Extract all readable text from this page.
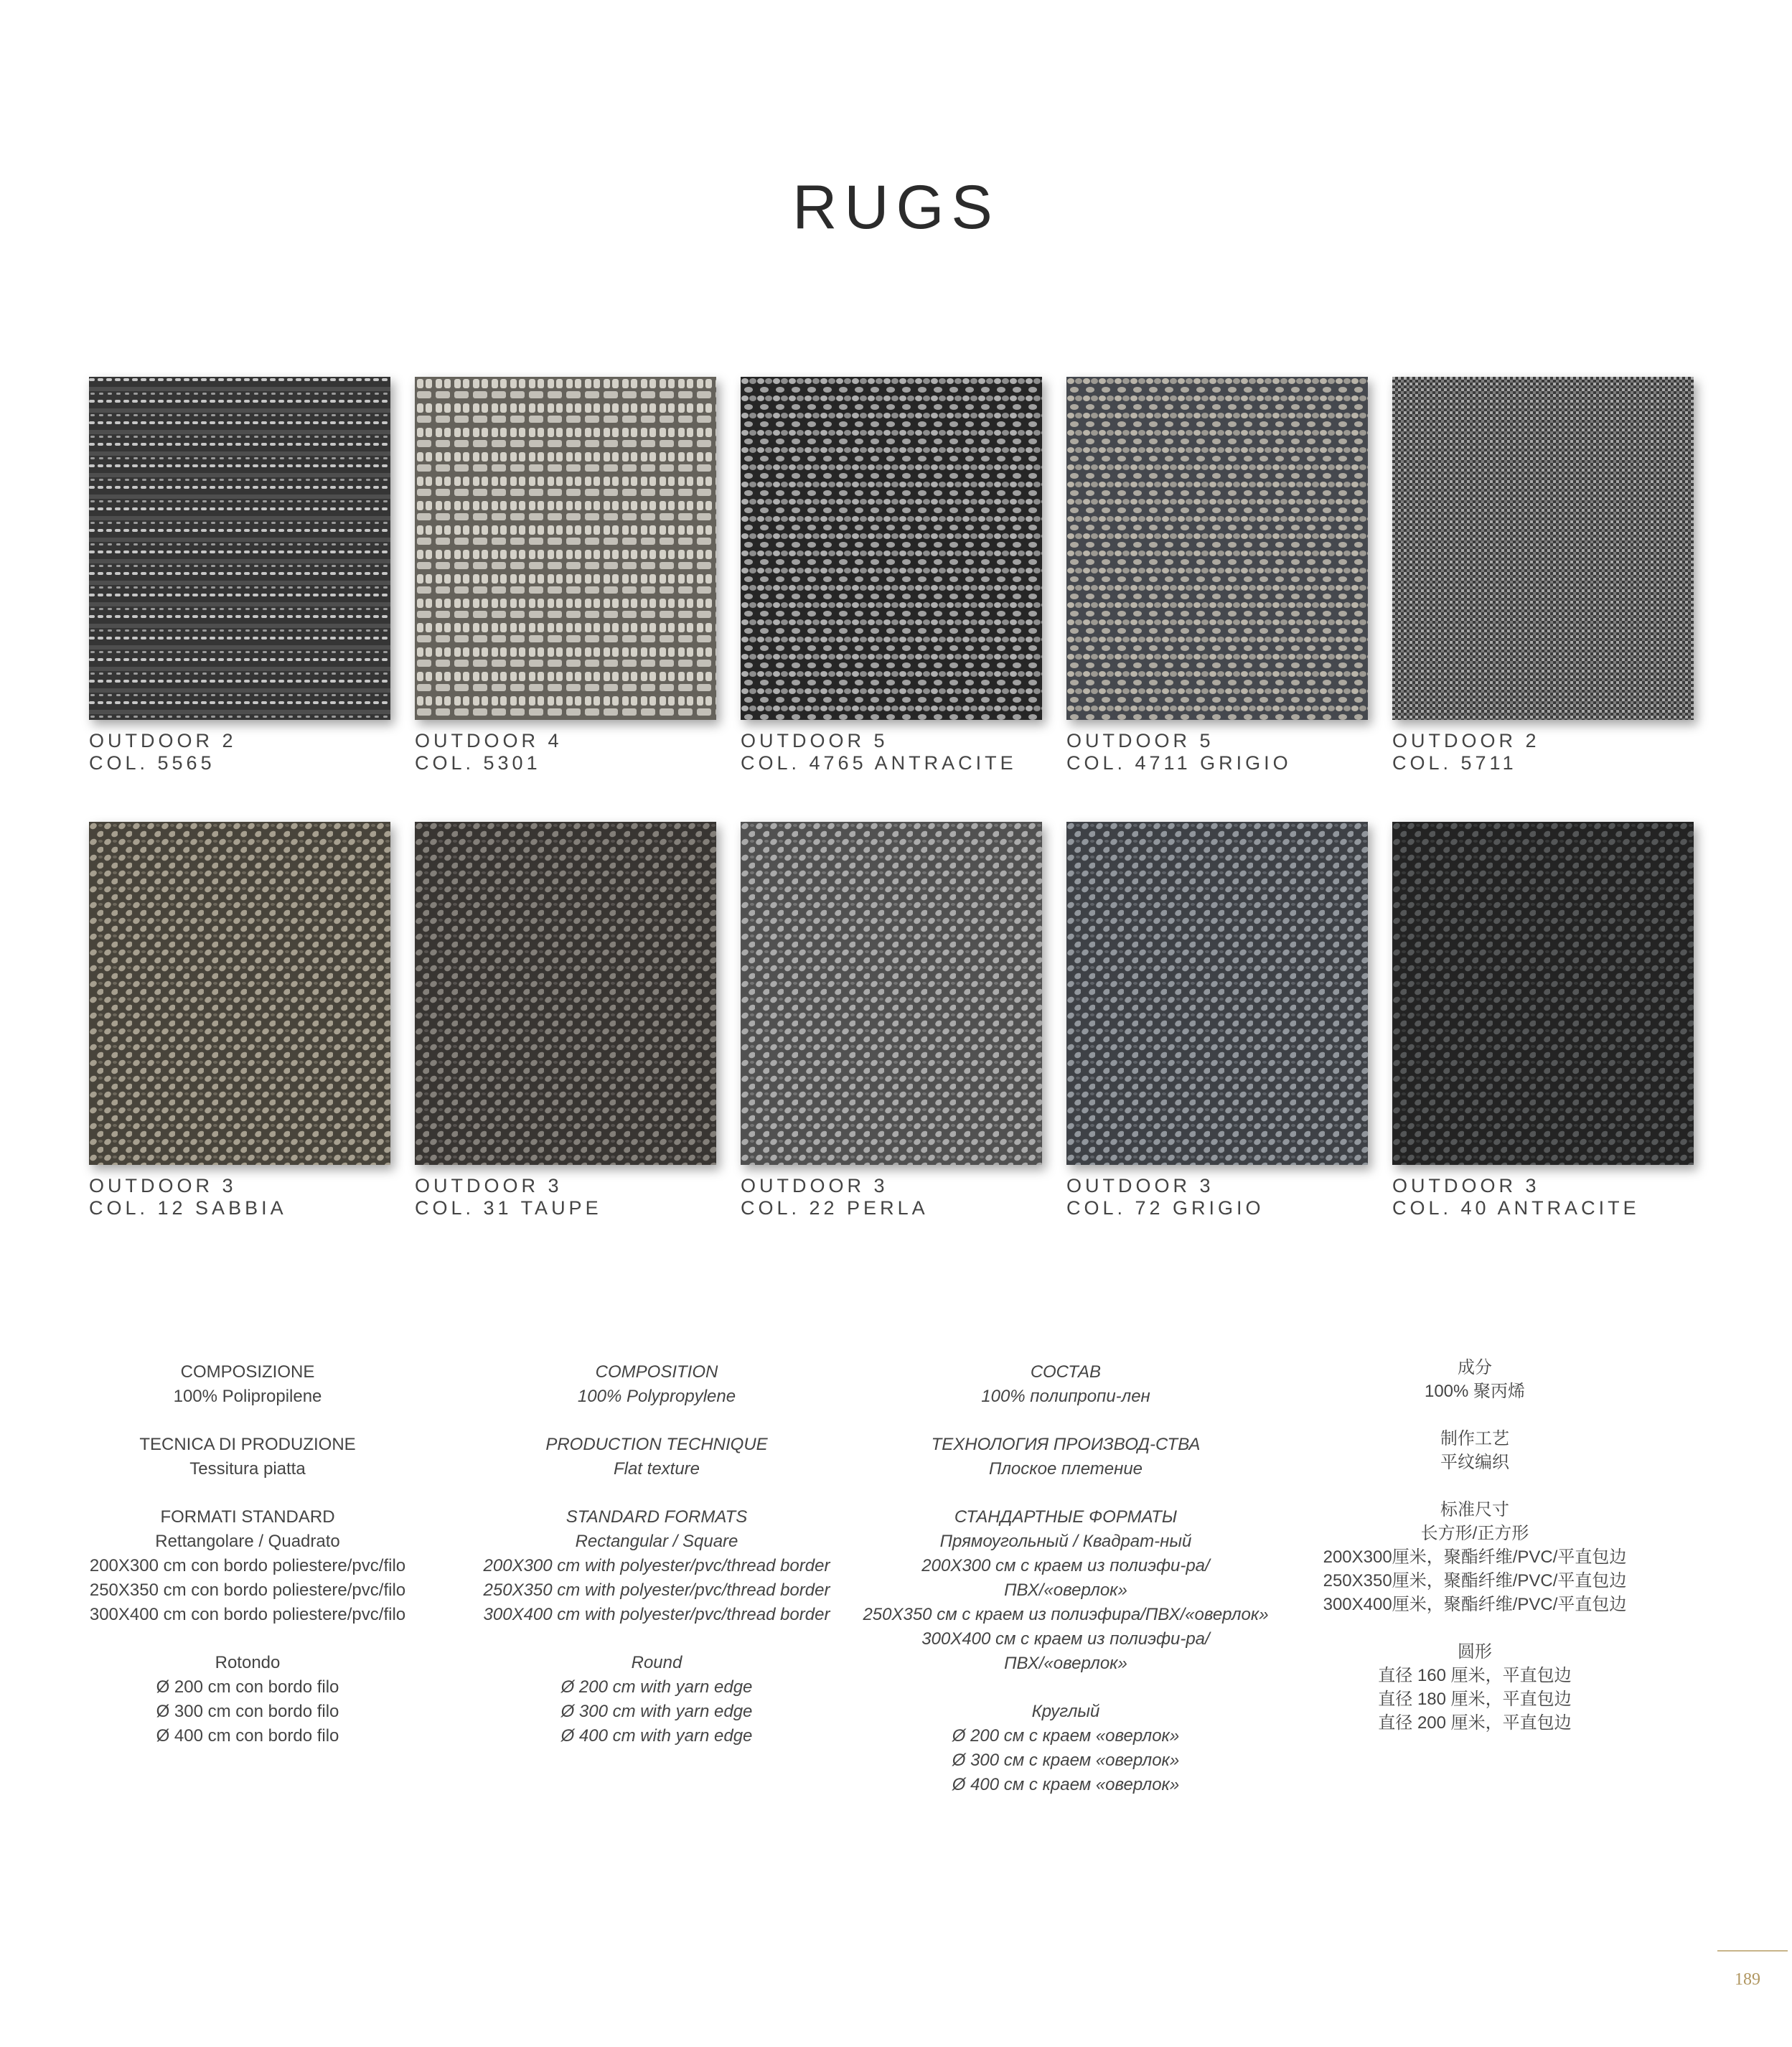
RUGS
OUTDOOR 2
COL. 5565
OUTDOOR 4
COL. 5301
OUTDOOR 5
COL. 4765 ANTRACITE
OUTDOOR 5
COL. 4711 GRIGIO
OUTDOOR 2
COL. 5711
OUTDOOR 3
COL. 12 SABBIA
OUTDOOR 3
COL. 31 TAUPE
OUTDOOR 3
COL. 22 PERLA
OUTDOOR 3
COL. 72 GRIGIO
OUTDOOR 3
COL. 40 ANTRACITE
COMPOSIZIONE
100% Polipropilene
TECNICA DI PRODUZIONE
Tessitura piatta
FORMATI STANDARD
Rettangolare / Quadrato
200X300 cm con bordo poliestere/pvc/filo
250X350 cm con bordo poliestere/pvc/filo
300X400 cm con bordo poliestere/pvc/filo
Rotondo
Ø 200 cm con bordo filo
Ø 300 cm con bordo filo
Ø 400 cm con bordo filo
COMPOSITION
100% Polypropylene
PRODUCTION TECHNIQUE
Flat texture
STANDARD FORMATS
Rectangular / Square
200X300 cm with polyester/pvc/thread border
250X350 cm with polyester/pvc/thread border
300X400 cm with polyester/pvc/thread border
Round
Ø 200 cm with yarn edge
Ø 300 cm with yarn edge
Ø 400 cm with yarn edge
СОСТАВ
100% полипропи-лен
ТЕХНОЛОГИЯ ПРОИЗВОД-СТВА
Плоское плетение
СТАНДАРТНЫЕ ФОРМАТЫ
Прямоугольный / Квадрат-ный
200X300 см с краем из полиэфи-ра/ПВХ/«оверлок»
250X350 см с краем из полиэфира/ПВХ/«оверлок»
300X400 см с краем из полиэфи-ра/ПВХ/«оверлок»
Круглый
Ø 200 см с краем «оверлок»
Ø 300 см с краем «оверлок»
Ø 400 см с краем «оверлок»
成分
100% 聚丙烯
制作工艺
平纹编织
标准尺寸
长方形/正方形
200X300厘米，聚酯纤维/PVC/平直包边
250X350厘米，聚酯纤维/PVC/平直包边
300X400厘米，聚酯纤维/PVC/平直包边
圆形
直径 160 厘米，平直包边
直径 180 厘米，平直包边
直径 200 厘米，平直包边
189
